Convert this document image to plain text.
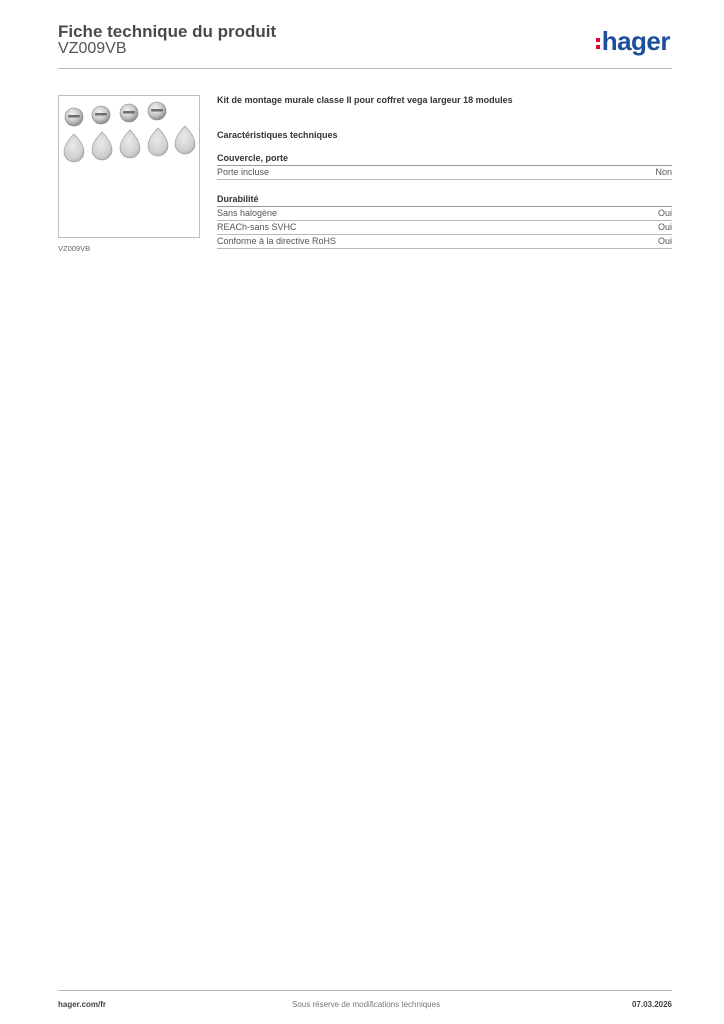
Fiche technique du produit
VZ009VB	hager
VZ009VB
Kit de montage murale classe II pour coffret vega largeur 18 modules
Caractéristiques techniques
Couvercle, porte
Porte incluse	Non
Durabilité
Sans halogène	Oui
REACh-sans SVHC	Oui
Conforme à la directive RoHS	Oui
hager.com/fr	Sous réserve de modifications techniques	07.03.2026
